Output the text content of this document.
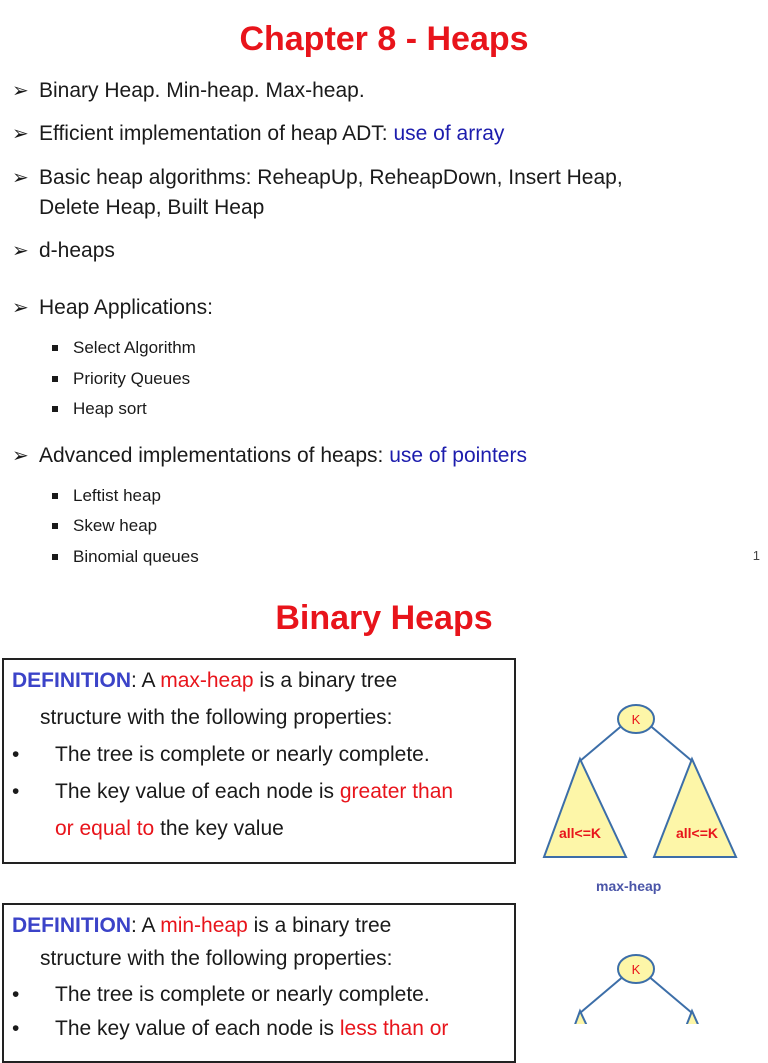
Chapter 8 - Heaps
➢ Binary Heap. Min-heap. Max-heap.
➢ Efficient implementation of heap ADT: use of array
➢ Basic heap algorithms: ReheapUp, ReheapDown, Insert Heap,
Delete Heap, Built Heap
➢ d-heaps
➢ Heap Applications:
Select Algorithm
Priority Queues
Heap sort
➢ Advanced implementations of heaps: use of pointers
Leftist heap
Skew heap
Binomial queues	1
Binary Heaps
DEFINITION: A max-heap is a binary tree
structure with the following properties:
• The tree is complete or nearly complete.
• The key value of each node is greater than
or equal to the key value
K
all<=K	all<=K
max-heap
DEFINITION: A min-heap is a binary tree
structure with the following properties:
• The tree is complete or nearly complete.
• The key value of each node is less than or
K
